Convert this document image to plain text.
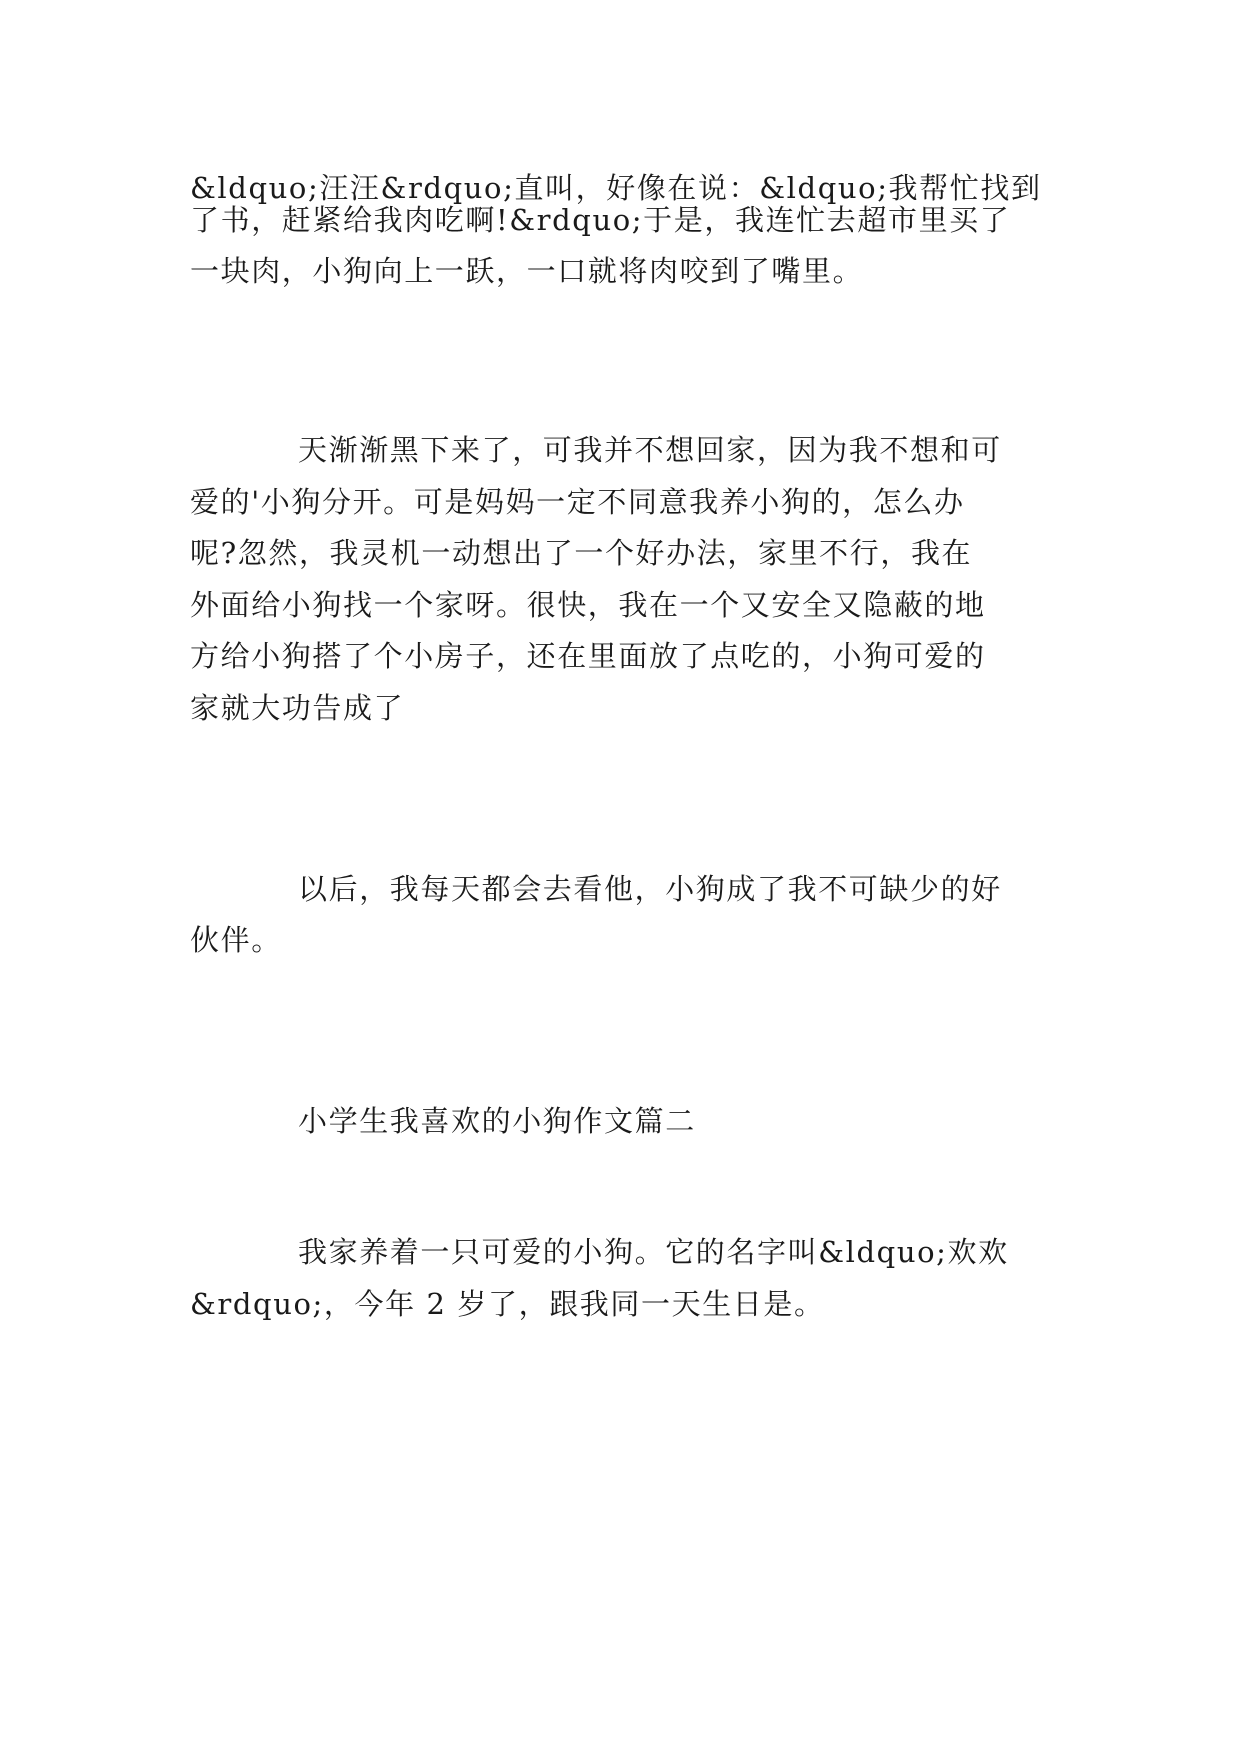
&ldquo;汪汪&rdquo;直叫，好像在说：&ldquo;我帮忙找到
了书，赶紧给我肉吃啊!&rdquo;于是，我连忙去超市里买了
一块肉，小狗向上一跃，一口就将肉咬到了嘴里。
天渐渐黑下来了，可我并不想回家，因为我不想和可
爱的'小狗分开。可是妈妈一定不同意我养小狗的，怎么办
呢?忽然，我灵机一动想出了一个好办法，家里不行，我在
外面给小狗找一个家呀。很快，我在一个又安全又隐蔽的地
方给小狗搭了个小房子，还在里面放了点吃的，小狗可爱的
家就大功告成了
以后，我每天都会去看他，小狗成了我不可缺少的好
伙伴。
小学生我喜欢的小狗作文篇二
我家养着一只可爱的小狗。它的名字叫&ldquo;欢欢
&rdquo;，今年 2 岁了，跟我同一天生日是。
